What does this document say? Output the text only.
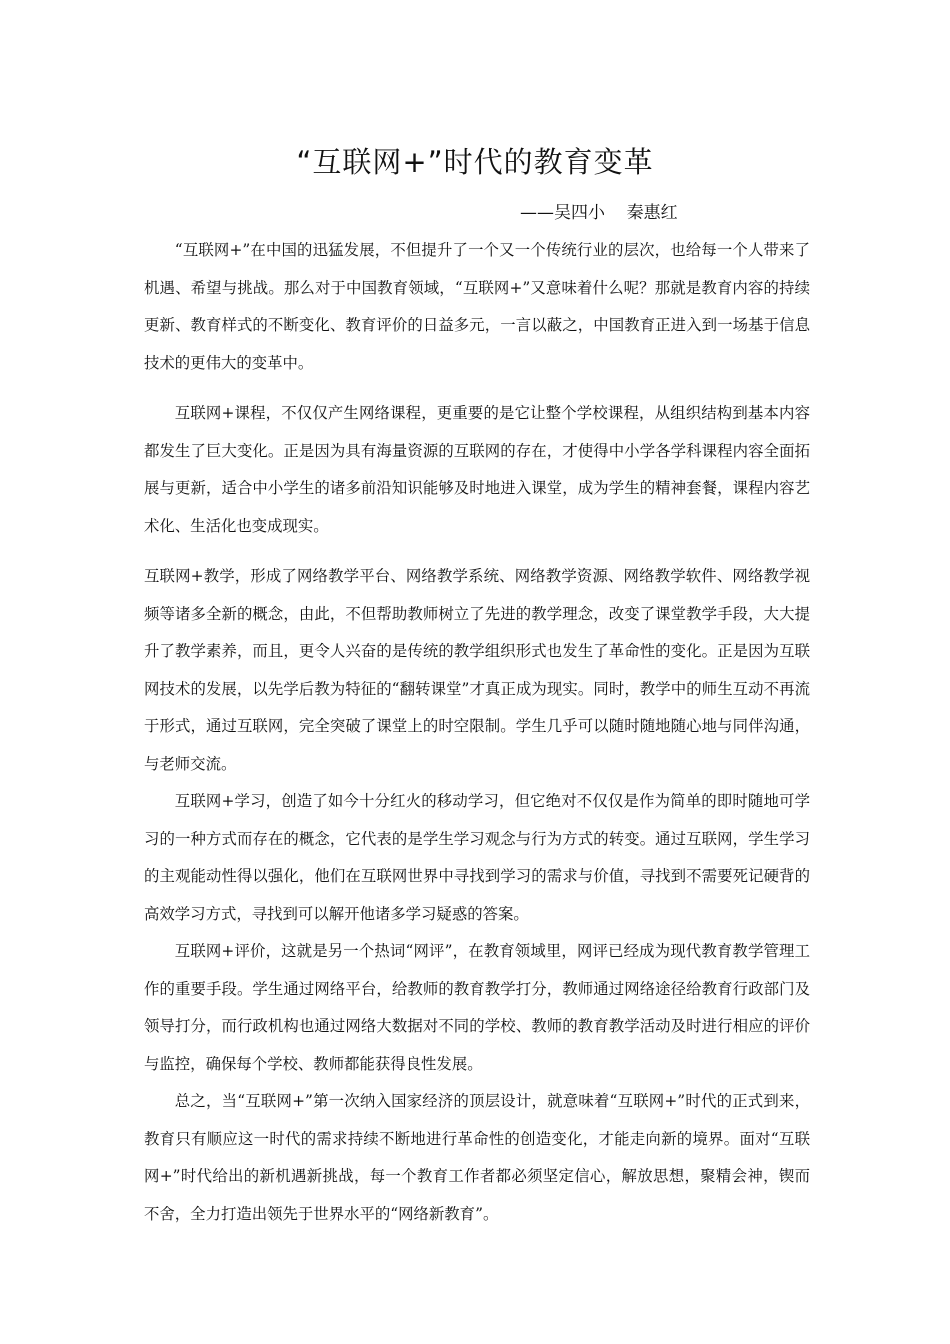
“互联网+”时代的教育变革
——吴四小    秦惠红

“互联网+”在中国的迅猛发展，不但提升了一个又一个传统行业的层次，也给每一个人带来了机遇、希望与挑战。那么对于中国教育领域，“互联网+”又意味着什么呢？那就是教育内容的持续更新、教育样式的不断变化、教育评价的日益多元，一言以蔽之，中国教育正进入到一场基于信息技术的更伟大的变革中。

互联网+课程，不仅仅产生网络课程，更重要的是它让整个学校课程，从组织结构到基本内容都发生了巨大变化。正是因为具有海量资源的互联网的存在，才使得中小学各学科课程内容全面拓展与更新，适合中小学生的诸多前沿知识能够及时地进入课堂，成为学生的精神套餐，课程内容艺术化、生活化也变成现实。

互联网+教学，形成了网络教学平台、网络教学系统、网络教学资源、网络教学软件、网络教学视频等诸多全新的概念，由此，不但帮助教师树立了先进的教学理念，改变了课堂教学手段，大大提升了教学素养，而且，更令人兴奋的是传统的教学组织形式也发生了革命性的变化。正是因为互联网技术的发展，以先学后教为特征的“翻转课堂”才真正成为现实。同时，教学中的师生互动不再流于形式，通过互联网，完全突破了课堂上的时空限制。学生几乎可以随时随地随心地与同伴沟通，与老师交流。

互联网+学习，创造了如今十分红火的移动学习，但它绝对不仅仅是作为简单的即时随地可学习的一种方式而存在的概念，它代表的是学生学习观念与行为方式的转变。通过互联网，学生学习的主观能动性得以强化，他们在互联网世界中寻找到学习的需求与价值，寻找到不需要死记硬背的高效学习方式，寻找到可以解开他诸多学习疑惑的答案。

互联网+评价，这就是另一个热词“网评”，在教育领域里，网评已经成为现代教育教学管理工作的重要手段。学生通过网络平台，给教师的教育教学打分，教师通过网络途径给教育行政部门及领导打分，而行政机构也通过网络大数据对不同的学校、教师的教育教学活动及时进行相应的评价与监控，确保每个学校、教师都能获得良性发展。

总之，当“互联网+”第一次纳入国家经济的顶层设计，就意味着“互联网+”时代的正式到来，教育只有顺应这一时代的需求持续不断地进行革命性的创造变化，才能走向新的境界。面对“互联网+”时代给出的新机遇新挑战，每一个教育工作者都必须坚定信心，解放思想，聚精会神，锲而不舍，全力打造出领先于世界水平的“网络新教育”。
